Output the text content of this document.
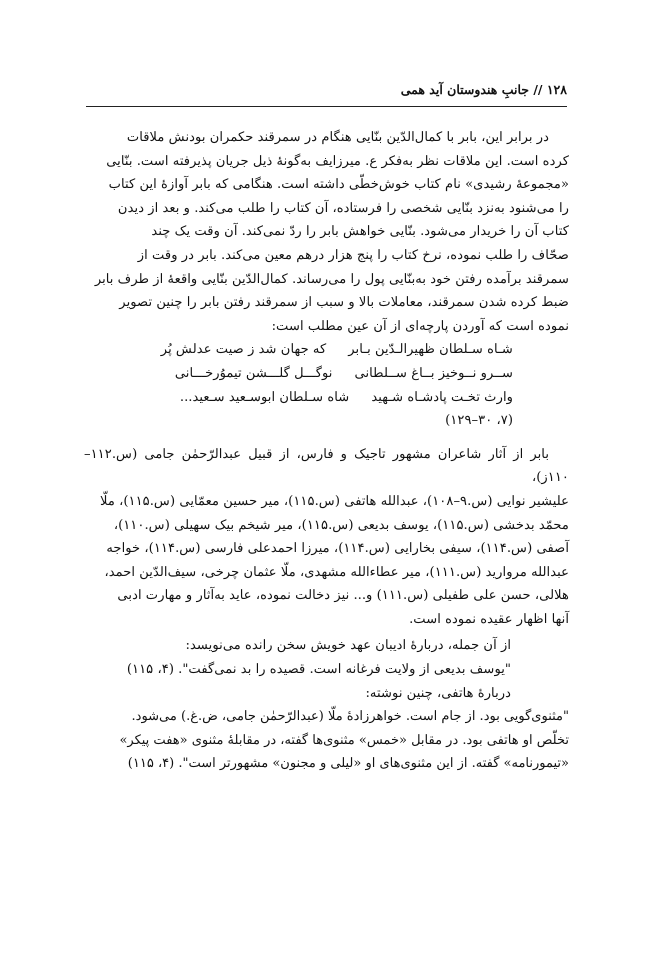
۱۲۸ // جانبِ هندوستان آید همی

در برابر این، بابر با کمال‌الدّین بنّایی هنگام در سمرقند حکمران بودنش ملاقات

کرده است. این ملاقات نظر به‌فکر ع. میرزایف به‌گونهٔ ذیل جریان پذیرفته است. بنّایی

«مجموعهٔ رشیدی» نام کتاب خوش‌خطّی داشته است. هنگامی که بابر آوازهٔ این کتاب

را می‌شنود به‌نزد بنّایی شخصی را فرستاده، آن کتاب را طلب می‌کند. و بعد از دیدن

کتاب آن را خریدار می‌شود. بنّایی خواهش بابر را ردّ نمی‌کند. آن وقت یک چند

صحّاف را طلب نموده، نرخ کتاب را پنج هزار درهم معین می‌کند. بابر در وقت از

سمرقند برآمده رفتن خود به‌بنّایی پول را می‌رساند. کمال‌الدّین بنّایی واقعهٔ از طرف بابر

ضبط کرده شدن سمرقند، معاملات بالا و سبب از سمرقند رفتن بابر را چنین تصویر

نموده است که آوردن پارچه‌ای از آن عین مطلب است:

شـاه سـلطان ظهیرالـدّین بـابر
که جهان شد ز صیت عدلش پُر
ســرو نــوخیز بــاغ ســلطانی
نوگـــل گلـــشن تیموُرخـــانی
وارث تخـت پادشـاه شـهید
شاه سـلطان ابوسـعید سـعید...
(۷، ۳۰–۱۲۹)

بابر از آثار شاعران مشهور تاجیک و فارس، از قبیل عبدالرّحمٰن جامی (س.۱۱۲–۱۱۰ز)،

علیشیر نوایی (س.۹–۱۰۸)، عبدالله هاتفی (س.۱۱۵)، میر حسین معمّایی (س.۱۱۵)، ملّا

محمّد بدخشی (س.۱۱۵)، یوسف بدیعی (س.۱۱۵)، میر شیخم بیک سهیلی (س.۱۱۰)،

آصفی (س.۱۱۴)، سیفی بخارایی (س.۱۱۴)، میرزا احمدعلی فارسی (س.۱۱۴)، خواجه

عبدالله مروارید (س.۱۱۱)، میر عطاءالله مشهدی، ملّا عثمان چرخی، سیف‌الدّین احمد،

هلالی، حسن علی طفیلی (س.۱۱۱) و... نیز دخالت نموده، عاید به‌آثار و مهارت ادبی

آنها اظهار عقیده نموده است.

از آن جمله، دربارهٔ ادیبان عهد خویش سخن رانده می‌نویسد:
"یوسف بدیعی از ولایت فرغانه است. قصیده را بد نمی‌گفت". (۴، ۱۱۵)
دربارهٔ هاتفی، چنین نوشته:
"مثنوی‌گویی بود. از جام است. خواهرزادهٔ ملّا (عبدالرّحمٰن جامی، ض.غ.) می‌شود.
تخلّص او هاتفی بود. در مقابل «خمس» مثنوی‌ها گفته، در مقابلهٔ مثنوی «هفت پیکر»
«تیمورنامه» گفته. از این مثنوی‌های او «لیلی و مجنون» مشهورتر است". (۴، ۱۱۵)
